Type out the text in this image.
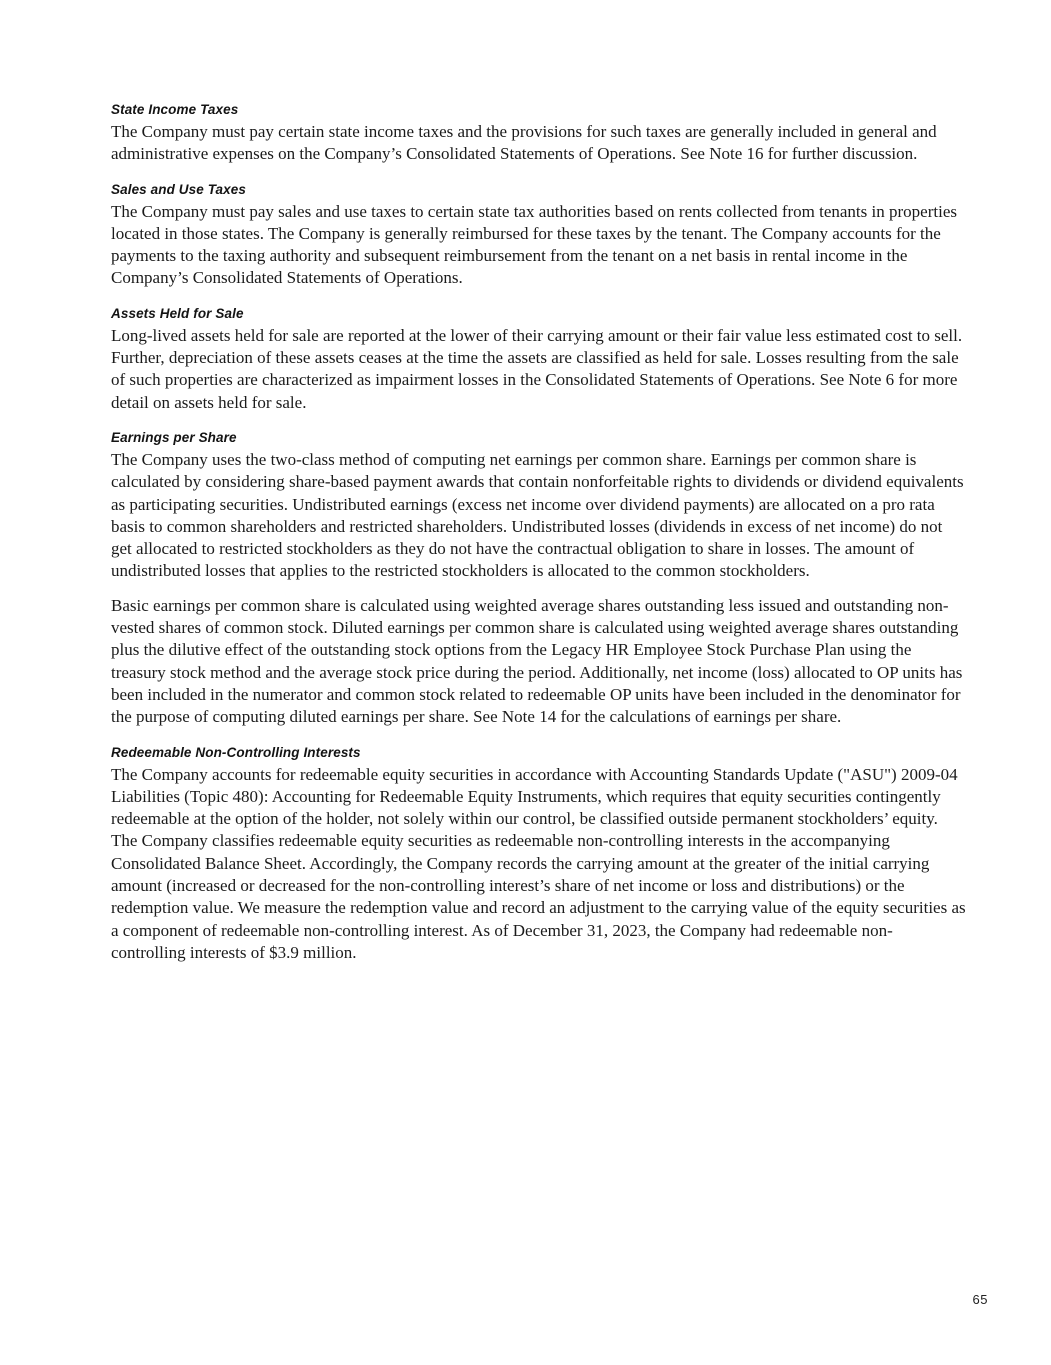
State Income Taxes

The Company must pay certain state income taxes and the provisions for such taxes are generally included in general and administrative expenses on the Company’s Consolidated Statements of Operations. See Note 16 for further discussion.

Sales and Use Taxes

The Company must pay sales and use taxes to certain state tax authorities based on rents collected from tenants in properties located in those states. The Company is generally reimbursed for these taxes by the tenant. The Company accounts for the payments to the taxing authority and subsequent reimbursement from the tenant on a net basis in rental income in the Company’s Consolidated Statements of Operations.

Assets Held for Sale

Long-lived assets held for sale are reported at the lower of their carrying amount or their fair value less estimated cost to sell. Further, depreciation of these assets ceases at the time the assets are classified as held for sale. Losses resulting from the sale of such properties are characterized as impairment losses in the Consolidated Statements of Operations. See Note 6 for more detail on assets held for sale.

Earnings per Share

The Company uses the two-class method of computing net earnings per common share. Earnings per common share is calculated by considering share-based payment awards that contain nonforfeitable rights to dividends or dividend equivalents as participating securities. Undistributed earnings (excess net income over dividend payments) are allocated on a pro rata basis to common shareholders and restricted shareholders. Undistributed losses (dividends in excess of net income) do not get allocated to restricted stockholders as they do not have the contractual obligation to share in losses. The amount of undistributed losses that applies to the restricted stockholders is allocated to the common stockholders.

Basic earnings per common share is calculated using weighted average shares outstanding less issued and outstanding non-vested shares of common stock. Diluted earnings per common share is calculated using weighted average shares outstanding plus the dilutive effect of the outstanding stock options from the Legacy HR Employee Stock Purchase Plan using the treasury stock method and the average stock price during the period. Additionally, net income (loss) allocated to OP units has been included in the numerator and common stock related to redeemable OP units have been included in the denominator for the purpose of computing diluted earnings per share. See Note 14 for the calculations of earnings per share.

Redeemable Non-Controlling Interests

The Company accounts for redeemable equity securities in accordance with Accounting Standards Update ("ASU") 2009-04 Liabilities (Topic 480): Accounting for Redeemable Equity Instruments, which requires that equity securities contingently redeemable at the option of the holder, not solely within our control, be classified outside permanent stockholders’ equity. The Company classifies redeemable equity securities as redeemable non-controlling interests in the accompanying Consolidated Balance Sheet. Accordingly, the Company records the carrying amount at the greater of the initial carrying amount (increased or decreased for the non-controlling interest’s share of net income or loss and distributions) or the redemption value. We measure the redemption value and record an adjustment to the carrying value of the equity securities as a component of redeemable non-controlling interest. As of December 31, 2023, the Company had redeemable non-controlling interests of $3.9 million.

65
